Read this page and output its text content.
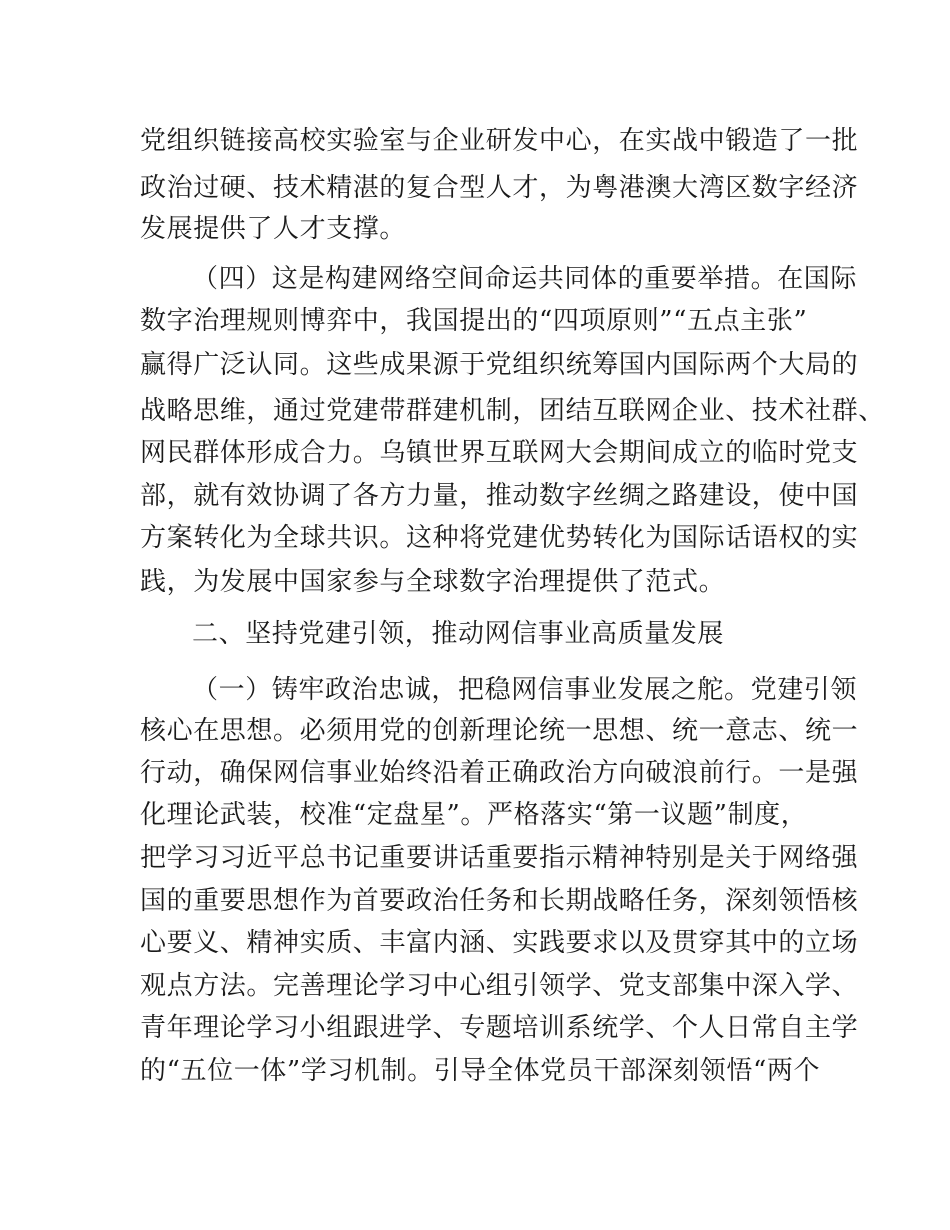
党组织链接高校实验室与企业研发中心，在实战中锻造了一批
政治过硬、技术精湛的复合型人才，为粤港澳大湾区数字经济
发展提供了人才支撑。
（四）这是构建网络空间命运共同体的重要举措。在国际
数字治理规则博弈中，我国提出的“四项原则”“五点主张”
赢得广泛认同。这些成果源于党组织统筹国内国际两个大局的
战略思维，通过党建带群建机制，团结互联网企业、技术社群、
网民群体形成合力。乌镇世界互联网大会期间成立的临时党支
部，就有效协调了各方力量，推动数字丝绸之路建设，使中国
方案转化为全球共识。这种将党建优势转化为国际话语权的实
践，为发展中国家参与全球数字治理提供了范式。
二、坚持党建引领，推动网信事业高质量发展
（一）铸牢政治忠诚，把稳网信事业发展之舵。党建引领
核心在思想。必须用党的创新理论统一思想、统一意志、统一
行动，确保网信事业始终沿着正确政治方向破浪前行。一是强
化理论武装，校准“定盘星”。严格落实“第一议题”制度，
把学习习近平总书记重要讲话重要指示精神特别是关于网络强
国的重要思想作为首要政治任务和长期战略任务，深刻领悟核
心要义、精神实质、丰富内涵、实践要求以及贯穿其中的立场
观点方法。完善理论学习中心组引领学、党支部集中深入学、
青年理论学习小组跟进学、专题培训系统学、个人日常自主学
的“五位一体”学习机制。引导全体党员干部深刻领悟“两个
